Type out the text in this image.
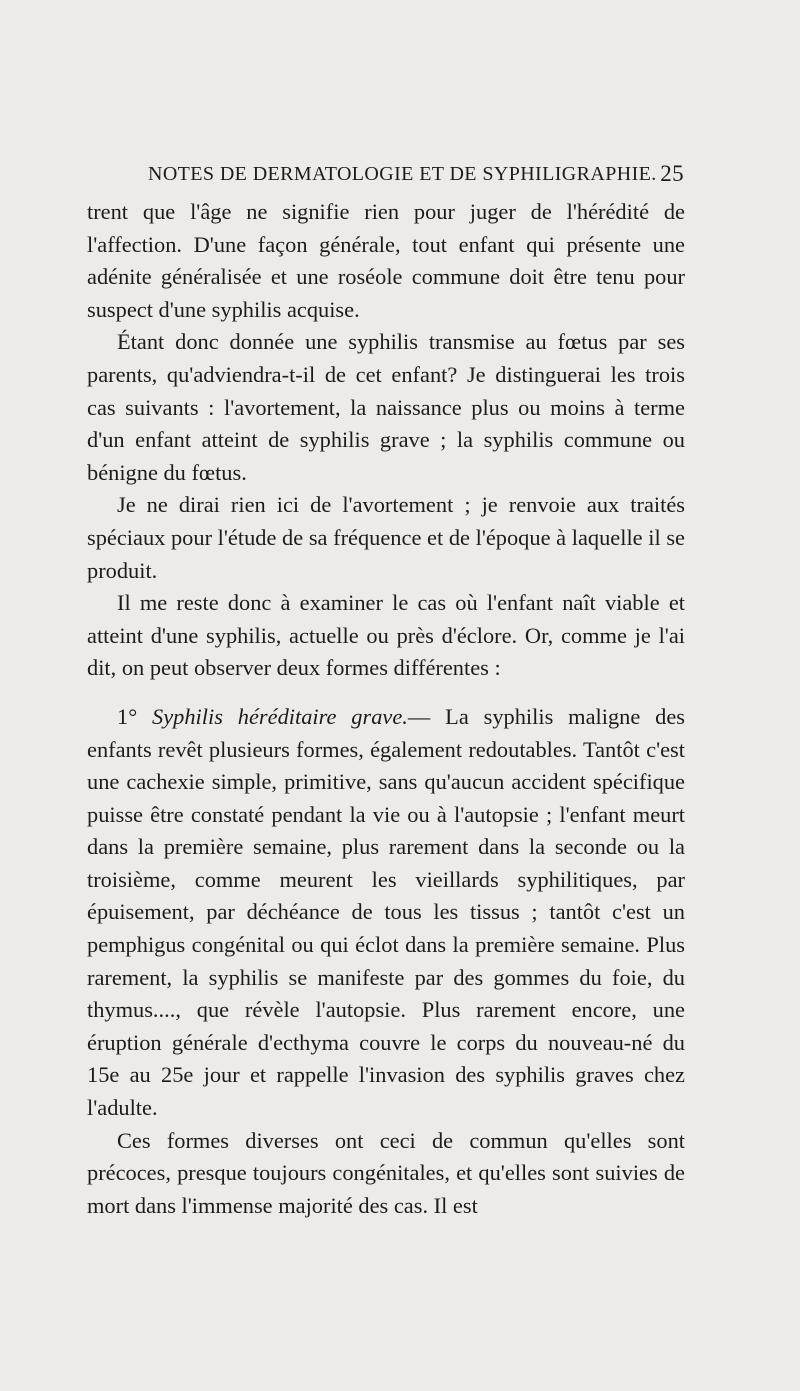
NOTES DE DERMATOLOGIE ET DE SYPHILIGRAPHIE. 25

trent que l'âge ne signifie rien pour juger de l'hérédité de l'affection. D'une façon générale, tout enfant qui présente une adénite généralisée et une roséole commune doit être tenu pour suspect d'une syphilis acquise.

Étant donc donnée une syphilis transmise au fœtus par ses parents, qu'adviendra-t-il de cet enfant? Je distinguerai les trois cas suivants : l'avortement, la naissance plus ou moins à terme d'un enfant atteint de syphilis grave ; la syphilis commune ou bénigne du fœtus.

Je ne dirai rien ici de l'avortement ; je renvoie aux traités spéciaux pour l'étude de sa fréquence et de l'époque à laquelle il se produit.

Il me reste donc à examiner le cas où l'enfant naît viable et atteint d'une syphilis, actuelle ou près d'éclore. Or, comme je l'ai dit, on peut observer deux formes différentes :

1° Syphilis héréditaire grave.— La syphilis maligne des enfants revêt plusieurs formes, également redoutables. Tantôt c'est une cachexie simple, primitive, sans qu'aucun accident spécifique puisse être constaté pendant la vie ou à l'autopsie ; l'enfant meurt dans la première semaine, plus rarement dans la seconde ou la troisième, comme meurent les vieillards syphilitiques, par épuisement, par déchéance de tous les tissus ; tantôt c'est un pemphigus congénital ou qui éclot dans la première semaine. Plus rarement, la syphilis se manifeste par des gommes du foie, du thymus...., que révèle l'autopsie. Plus rarement encore, une éruption générale d'ecthyma couvre le corps du nouveau-né du 15e au 25e jour et rappelle l'invasion des syphilis graves chez l'adulte.

Ces formes diverses ont ceci de commun qu'elles sont précoces, presque toujours congénitales, et qu'elles sont suivies de mort dans l'immense majorité des cas. Il est
